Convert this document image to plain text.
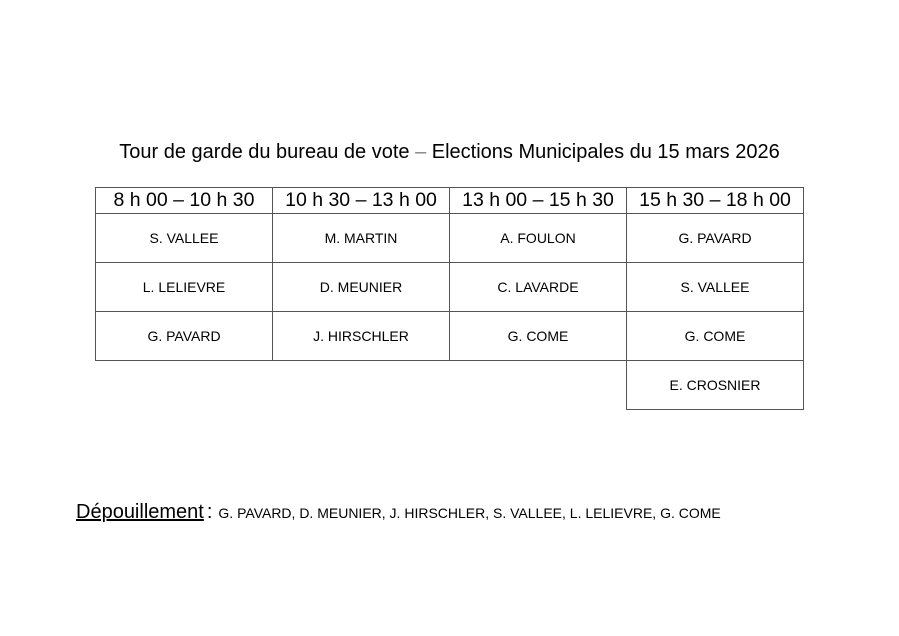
Tour de garde du bureau de vote – Elections Municipales du 15 mars 2026
8 h 00 – 10 h 30	10 h 30 – 13 h 00	13 h 00 – 15 h 30	15 h 30 – 18 h 00
S. VALLEE	M. MARTIN	A. FOULON	G. PAVARD
L. LELIEVRE	D. MEUNIER	C. LAVARDE	S. VALLEE
G. PAVARD	J. HIRSCHLER	G. COME	G. COME
			E. CROSNIER
Dépouillement : G. PAVARD, D. MEUNIER, J. HIRSCHLER, S. VALLEE, L. LELIEVRE, G. COME
